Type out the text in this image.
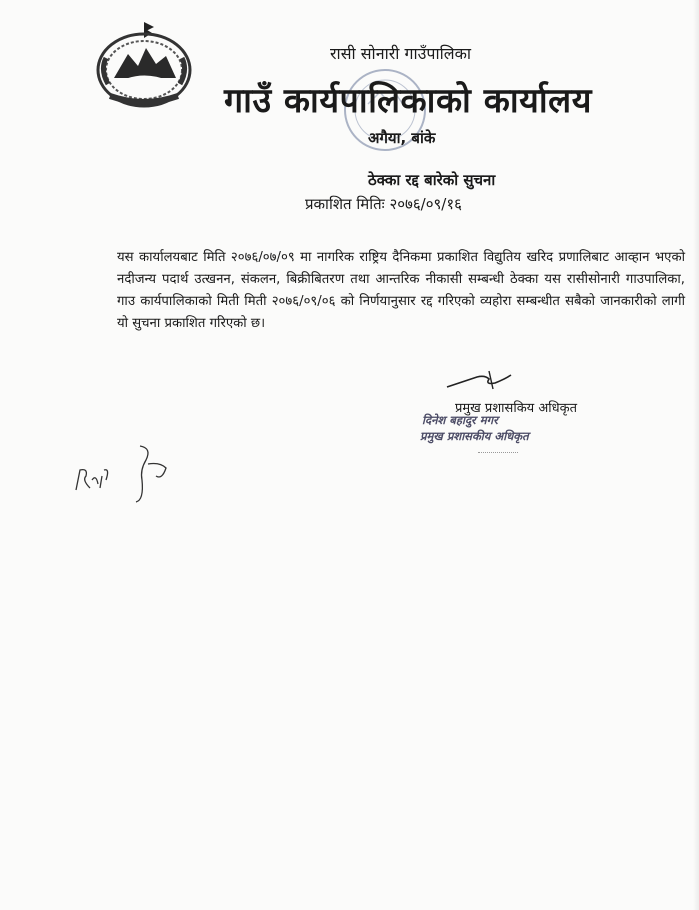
रासी सोनारी गाउँपालिका
गाउँ कार्यपालिकाको कार्यालय
अगैया, बांके
ठेक्का रद्द बारेको सुचना
प्रकाशित मितिः २०७६/०९/१६
यस कार्यालयबाट मिति २०७६/०७/०९ मा नागरिक राष्ट्रिय दैनिकमा प्रकाशित विद्युतिय खरिद प्रणालिबाट आव्हान भएको नदीजन्य पदार्थ उत्खनन, संकलन, बिक्रीबितरण तथा आन्तरिक नीकासी सम्बन्धी ठेक्का यस रासीसोनारी गाउपालिका, गाउ कार्यपालिकाको मिती मिती २०७६/०९/०६ को निर्णयानुसार रद्द गरिएको व्यहोरा सम्बन्धीत सबैको जानकारीको लागी यो सुचना प्रकाशित गरिएको छ।
प्रमुख प्रशासकिय अधिकृत
दिनेश बहादुर मगर
प्रमुख प्रशासकीय अधिकृत
